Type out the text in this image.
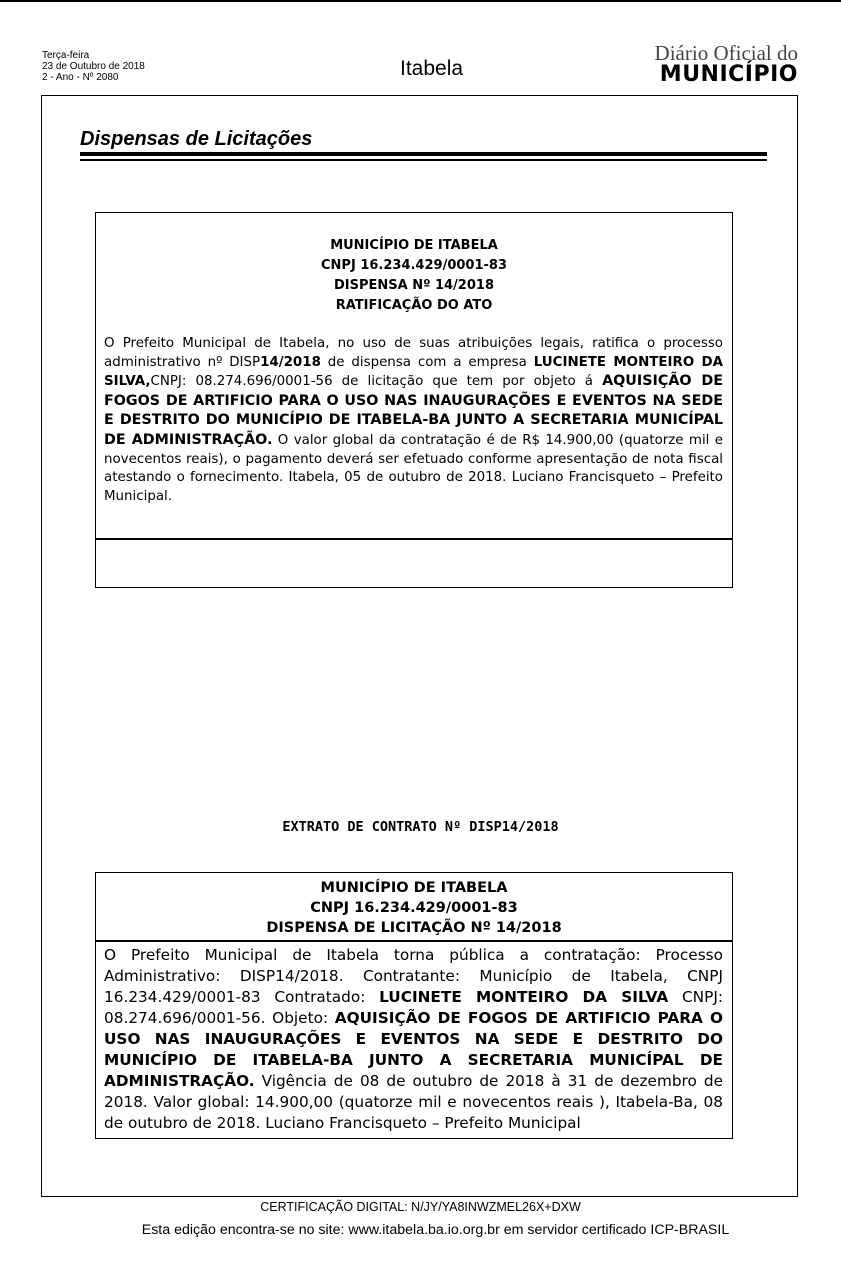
Terça-feira
23 de Outubro de 2018
2 - Ano - Nº 2080	Itabela
Diário Oficial do
MUNICÍPIO
Dispensas de Licitações
MUNICÍPIO DE ITABELA
CNPJ 16.234.429/0001-83
DISPENSA Nº 14/2018
RATIFICAÇÃO DO ATO
O Prefeito Municipal de Itabela, no uso de suas atribuições legais, ratifica o processo administrativo nº DISP14/2018 de dispensa com a empresa LUCINETE MONTEIRO DA SILVA,CNPJ: 08.274.696/0001-56 de licitação que tem por objeto á AQUISIÇÃO DE FOGOS DE ARTIFICIO PARA O USO NAS INAUGURAÇÕES E EVENTOS NA SEDE E DESTRITO DO MUNICÍPIO DE ITABELA-BA JUNTO A SECRETARIA MUNICÍPAL DE ADMINISTRAÇÃO. O valor global da contratação é de R$ 14.900,00 (quatorze mil e novecentos reais), o pagamento deverá ser efetuado conforme apresentação de nota fiscal atestando o fornecimento. Itabela, 05 de outubro de 2018. Luciano Francisqueto – Prefeito Municipal.
EXTRATO DE CONTRATO Nº DISP14/2018
MUNICÍPIO DE ITABELA
CNPJ 16.234.429/0001-83
DISPENSA DE LICITAÇÃO Nº 14/2018
O Prefeito Municipal de Itabela torna pública a contratação: Processo Administrativo: DISP14/2018. Contratante: Município de Itabela, CNPJ 16.234.429/0001-83 Contratado: LUCINETE MONTEIRO DA SILVA CNPJ: 08.274.696/0001-56. Objeto: AQUISIÇÃO DE FOGOS DE ARTIFICIO PARA O USO NAS INAUGURAÇÕES E EVENTOS NA SEDE E DESTRITO DO MUNICÍPIO DE ITABELA-BA JUNTO A SECRETARIA MUNICÍPAL DE ADMINISTRAÇÃO. Vigência de 08 de outubro de 2018 à 31 de dezembro de 2018. Valor global: 14.900,00 (quatorze mil e novecentos reais ), Itabela-Ba, 08 de outubro de 2018. Luciano Francisqueto – Prefeito Municipal
CERTIFICAÇÃO DIGITAL: N/JY/YA8INWZMEL26X+DXW
Esta edição encontra-se no site: www.itabela.ba.io.org.br em servidor certificado ICP-BRASIL
